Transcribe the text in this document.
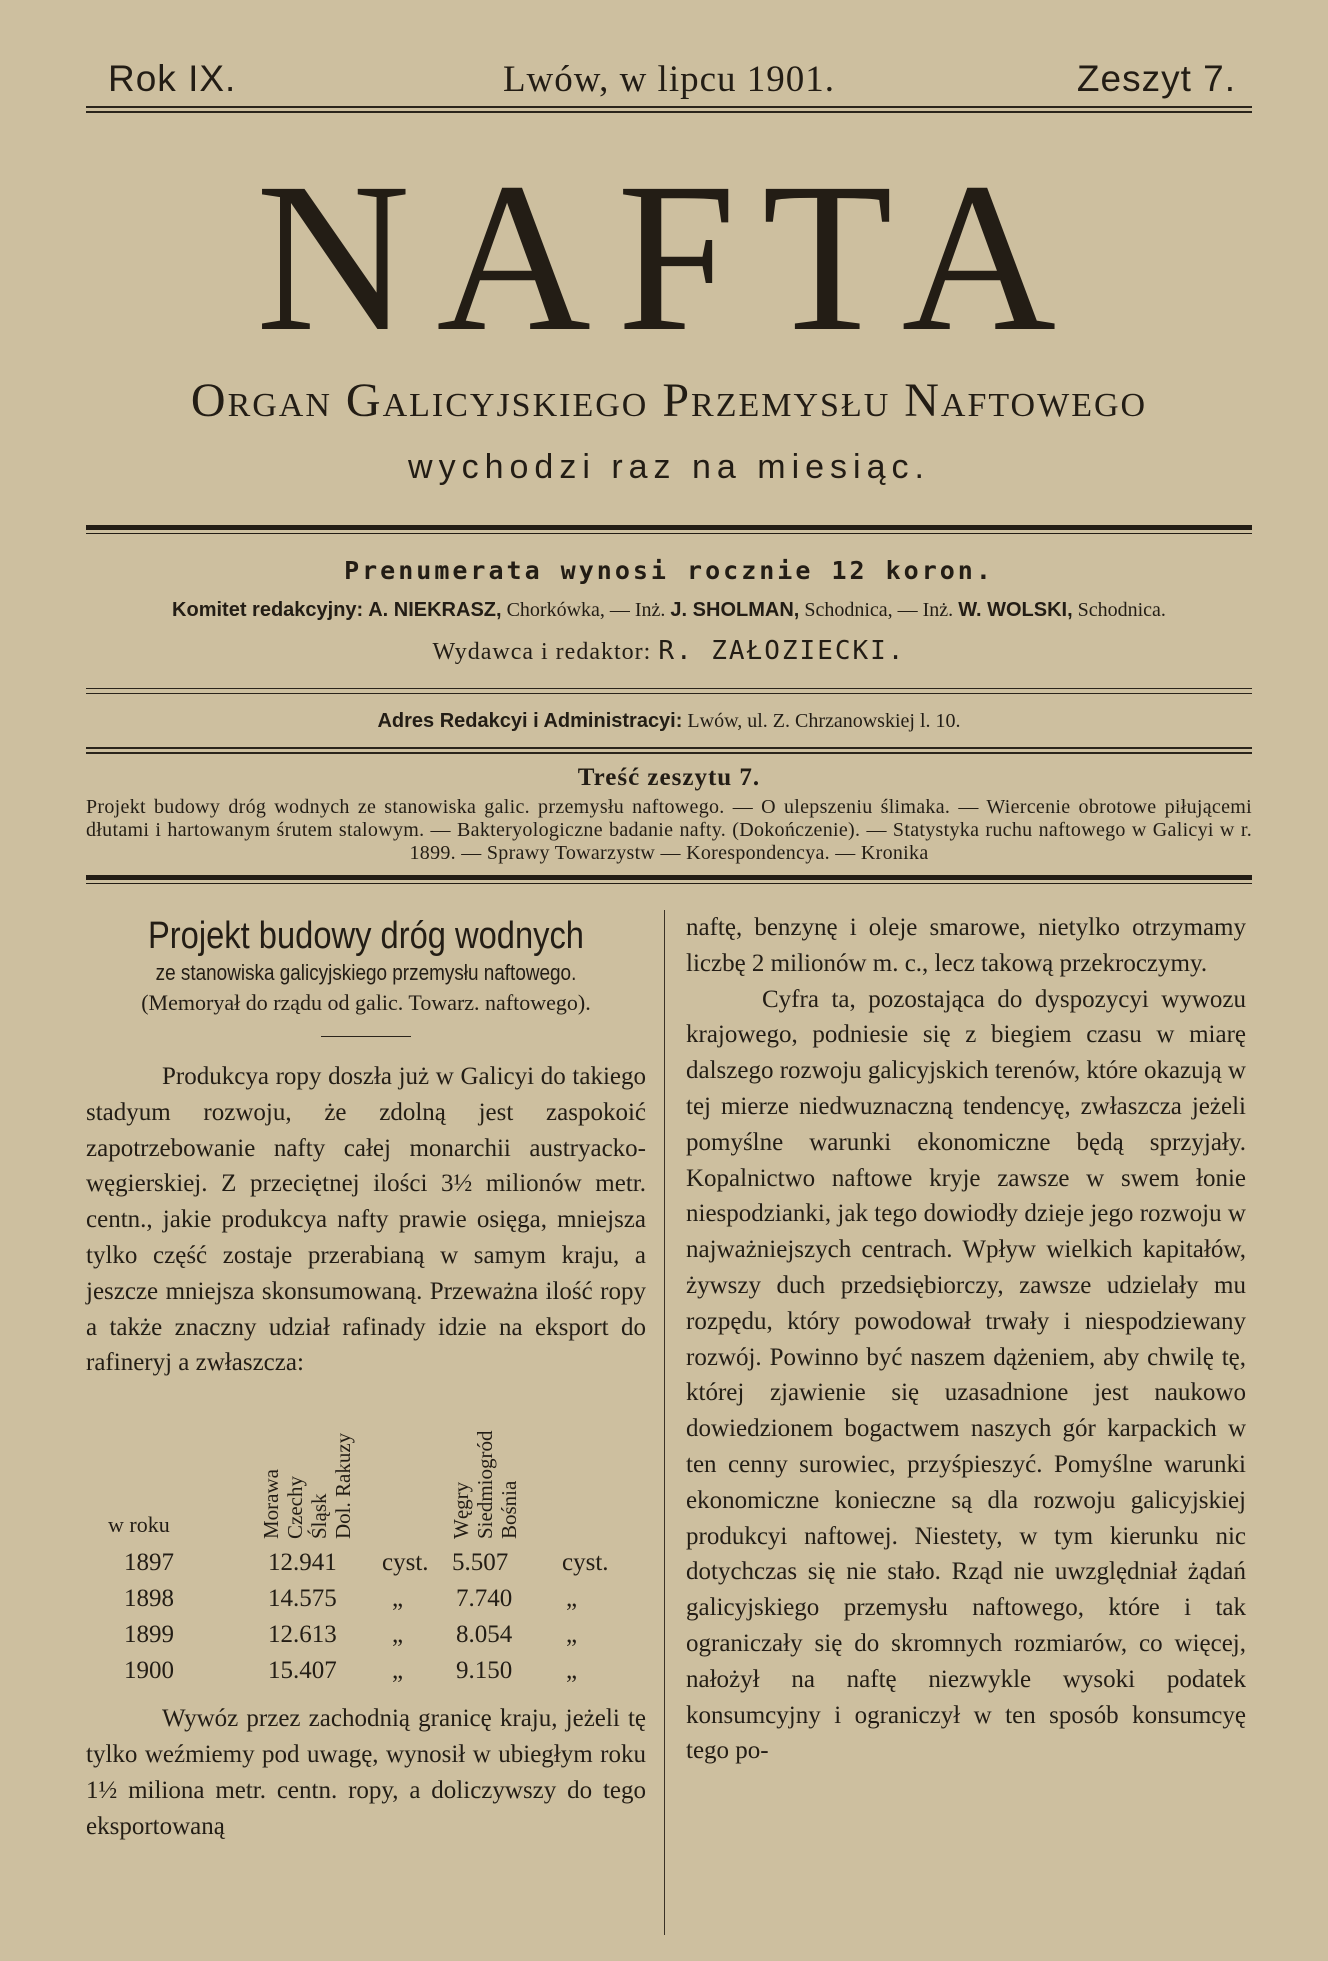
Rok IX.	Lwów, w lipcu 1901.	Zeszyt 7.
NAFTA
Organ Galicyjskiego Przemysłu Naftowego
wychodzi raz na miesiąc.
Prenumerata wynosi rocznie 12 koron.
Komitet redakcyjny: A. NIEKRASZ, Chorkówka, — Inż. J. SHOLMAN, Schodnica, — Inż. W. WOLSKI, Schodnica.
Wydawca i redaktor: R. ZAŁOZIECKI.
Adres Redakcyi i Administracyi: Lwów, ul. Z. Chrzanowskiej l. 10.
Treść zeszytu 7.
Projekt budowy dróg wodnych ze stanowiska galic. przemysłu naftowego. — O ulepszeniu ślimaka. — Wiercenie obrotowe piłującemi dłutami i hartowanym śrutem stalowym. — Bakteryologiczne badanie nafty. (Dokończenie). — Statystyka ruchu naftowego w Galicyi w r. 1899. — Sprawy Towarzystw — Korespondencya. — Kronika
Projekt budowy dróg wodnych
ze stanowiska galicyjskiego przemysłu naftowego.
(Memoryał do rządu od galic. Towarz. naftowego).
Produkcya ropy doszła już w Galicyi do takiego stadyum rozwoju, że zdolną jest zaspokoić zapotrzebowanie nafty całej monarchii austryacko-węgierskiej. Z przeciętnej ilości 3½ milionów metr. centn., jakie produkcya nafty prawie osięga, mniejsza tylko część zostaje przerabianą w samym kraju, a jeszcze mniejsza skonsumowaną. Przeważna ilość ropy a także znaczny udział rafinady idzie na eksport do rafineryj a zwłaszcza:
Morawa Czechy Śląsk Dol. Rakuzy	Węgry Siedmiogród Bośnia
w roku
1897	12.941 cyst. 5.507 cyst.
1898	14.575 „ 7.740 „
1899	12.613 „ 8.054 „
1900	15.407 „ 9.150 „
Wywóz przez zachodnią granicę kraju, jeżeli tę tylko weźmiemy pod uwagę, wynosił w ubiegłym roku 1½ miliona metr. centn. ropy, a doliczywszy do tego eksportowaną
naftę, benzynę i oleje smarowe, nietylko otrzymamy liczbę 2 milionów m. c., lecz takową przekroczymy.
Cyfra ta, pozostająca do dyspozycyi wywozu krajowego, podniesie się z biegiem czasu w miarę dalszego rozwoju galicyjskich terenów, które okazują w tej mierze niedwuznaczną tendencyę, zwłaszcza jeżeli pomyślne warunki ekonomiczne będą sprzyjały. Kopalnictwo naftowe kryje zawsze w swem łonie niespodzianki, jak tego dowiodły dzieje jego rozwoju w najważniejszych centrach. Wpływ wielkich kapitałów, żywszy duch przedsiębiorczy, zawsze udzielały mu rozpędu, który powodował trwały i niespodziewany rozwój. Powinno być naszem dążeniem, aby chwilę tę, której zjawienie się uzasadnione jest naukowo dowiedzionem bogactwem naszych gór karpackich w ten cenny surowiec, przyśpieszyć. Pomyślne warunki ekonomiczne konieczne są dla rozwoju galicyjskiej produkcyi naftowej. Niestety, w tym kierunku nic dotychczas się nie stało. Rząd nie uwzględniał żądań galicyjskiego przemysłu naftowego, które i tak ograniczały się do skromnych rozmiarów, co więcej, nałożył na naftę niezwykle wysoki podatek konsumcyjny i ograniczył w ten sposób konsumcyę tego po-
